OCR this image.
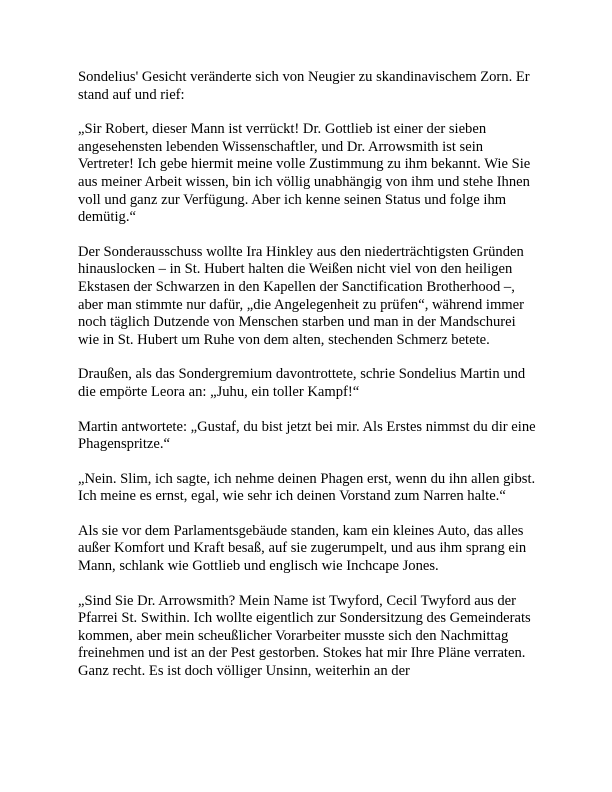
Sondelius' Gesicht veränderte sich von Neugier zu skandinavischem Zorn. Er stand auf und rief:

„Sir Robert, dieser Mann ist verrückt! Dr. Gottlieb ist einer der sieben angesehensten lebenden Wissenschaftler, und Dr. Arrowsmith ist sein Vertreter! Ich gebe hiermit meine volle Zustimmung zu ihm bekannt. Wie Sie aus meiner Arbeit wissen, bin ich völlig unabhängig von ihm und stehe Ihnen voll und ganz zur Verfügung. Aber ich kenne seinen Status und folge ihm demütig.“

Der Sonderausschuss wollte Ira Hinkley aus den niederträchtigsten Gründen hinauslocken – in St. Hubert halten die Weißen nicht viel von den heiligen Ekstasen der Schwarzen in den Kapellen der Sanctification Brotherhood –, aber man stimmte nur dafür, „die Angelegenheit zu prüfen“, während immer noch täglich Dutzende von Menschen starben und man in der Mandschurei wie in St. Hubert um Ruhe von dem alten, stechenden Schmerz betete.

Draußen, als das Sondergremium davontrottete, schrie Sondelius Martin und die empörte Leora an: „Juhu, ein toller Kampf!“

Martin antwortete: „Gustaf, du bist jetzt bei mir. Als Erstes nimmst du dir eine Phagenspritze.“

„Nein. Slim, ich sagte, ich nehme deinen Phagen erst, wenn du ihn allen gibst. Ich meine es ernst, egal, wie sehr ich deinen Vorstand zum Narren halte.“

Als sie vor dem Parlamentsgebäude standen, kam ein kleines Auto, das alles außer Komfort und Kraft besaß, auf sie zugerumpelt, und aus ihm sprang ein Mann, schlank wie Gottlieb und englisch wie Inchcape Jones.

„Sind Sie Dr. Arrowsmith? Mein Name ist Twyford, Cecil Twyford aus der Pfarrei St. Swithin. Ich wollte eigentlich zur Sondersitzung des Gemeinderats kommen, aber mein scheußlicher Vorarbeiter musste sich den Nachmittag freinehmen und ist an der Pest gestorben. Stokes hat mir Ihre Pläne verraten. Ganz recht. Es ist doch völliger Unsinn, weiterhin an der
